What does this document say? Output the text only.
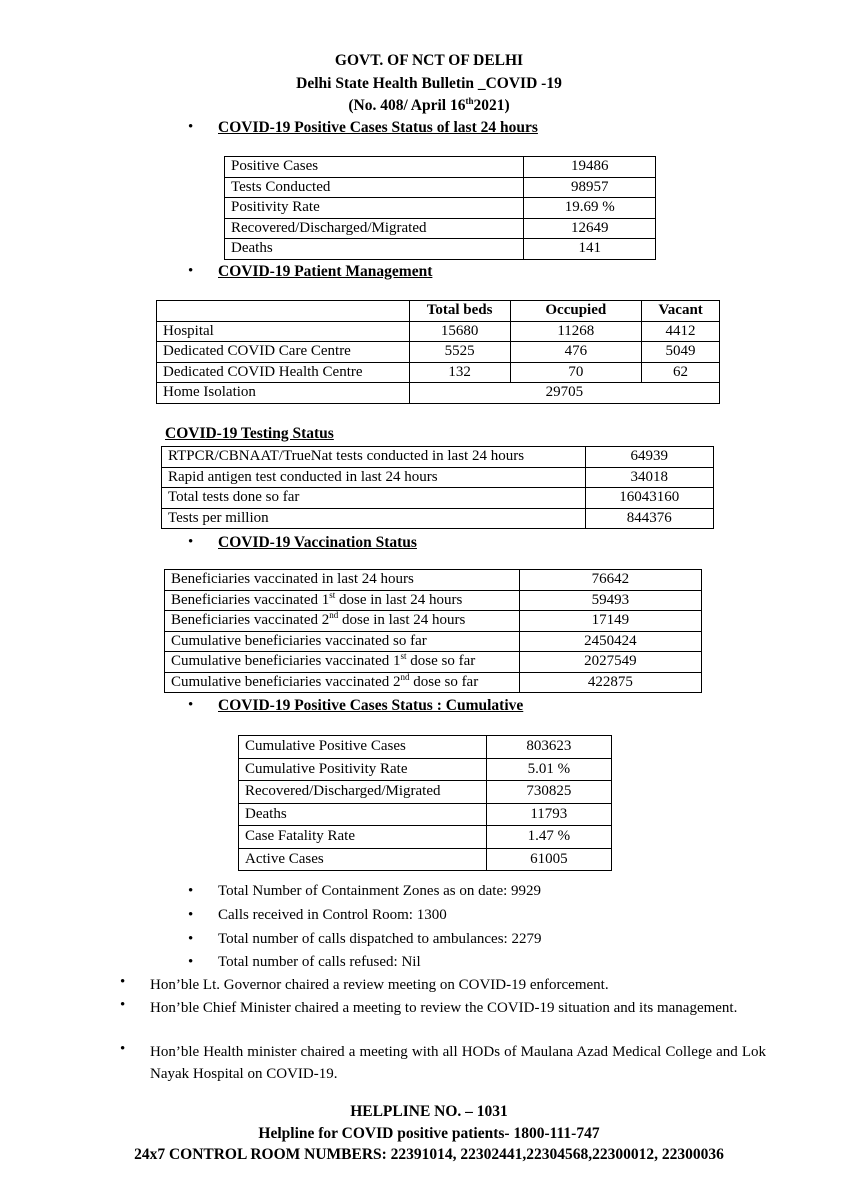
GOVT. OF NCT OF DELHI
Delhi State Health Bulletin _COVID -19
(No. 408/ April 16th2021)
• COVID-19 Positive Cases Status of last 24 hours
Positive Cases	19486
Tests Conducted	98957
Positivity Rate	19.69 %
Recovered/Discharged/Migrated	12649
Deaths	141
• COVID-19 Patient Management
	Total beds	Occupied	Vacant
Hospital	15680	11268	4412
Dedicated COVID Care Centre	5525	476	5049
Dedicated COVID Health Centre	132	70	62
Home Isolation	29705		
COVID-19 Testing Status
RTPCR/CBNAAT/TrueNat tests conducted in last 24 hours	64939
Rapid antigen test conducted in last 24 hours	34018
Total tests done so far	16043160
Tests per million	844376
• COVID-19 Vaccination Status
Beneficiaries vaccinated in last 24 hours	76642
Beneficiaries vaccinated 1st dose in last 24 hours	59493
Beneficiaries vaccinated 2nd dose in last 24 hours	17149
Cumulative beneficiaries vaccinated so far	2450424
Cumulative beneficiaries vaccinated 1st dose so far	2027549
Cumulative beneficiaries vaccinated 2nd dose so far	422875
• COVID-19 Positive Cases Status : Cumulative
Cumulative Positive Cases	803623
Cumulative Positivity Rate	5.01 %
Recovered/Discharged/Migrated	730825
Deaths	11793
Case Fatality Rate	1.47 %
Active Cases	61005
• Total Number of Containment Zones as on date: 9929
• Calls received in Control Room: 1300
• Total number of calls dispatched to ambulances: 2279
• Total number of calls refused: Nil
• Hon’ble Lt. Governor chaired a review meeting on COVID-19 enforcement.
• Hon’ble Chief Minister chaired a meeting to review the COVID-19 situation and its management.
• Hon’ble Health minister chaired a meeting with all HODs of Maulana Azad Medical College and Lok Nayak Hospital on COVID-19.
HELPLINE NO. – 1031
Helpline for COVID positive patients- 1800-111-747
24x7 CONTROL ROOM NUMBERS: 22391014, 22302441,22304568,22300012, 22300036
